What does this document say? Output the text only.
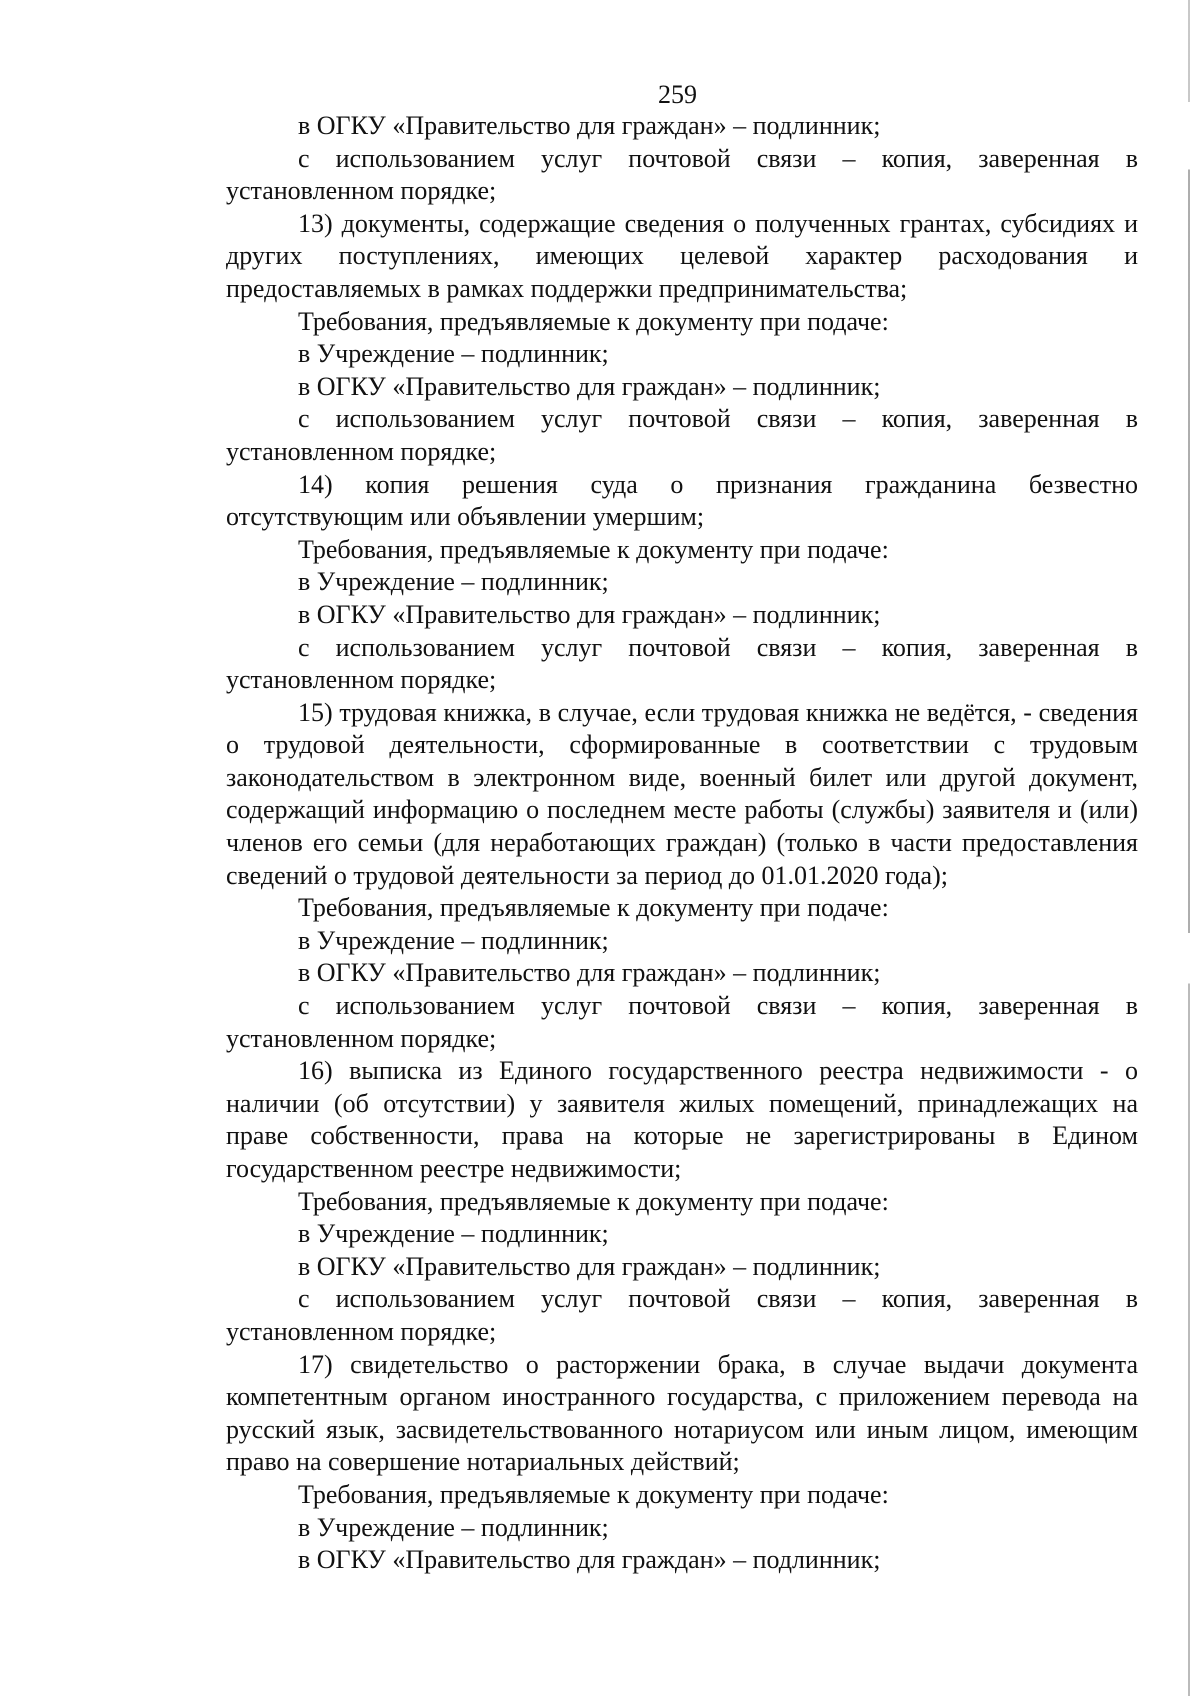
259

в ОГКУ «Правительство для граждан» – подлинник;

с использованием услуг почтовой связи – копия, заверенная в установленном порядке;

13) документы, содержащие сведения о полученных грантах, субсидиях и других поступлениях, имеющих целевой характер расходования и предоставляемых в рамках поддержки предпринимательства;

Требования, предъявляемые к документу при подаче:

в Учреждение – подлинник;

в ОГКУ «Правительство для граждан» – подлинник;

с использованием услуг почтовой связи – копия, заверенная в установленном порядке;

14) копия решения суда о признания гражданина безвестно отсутствующим или объявлении умершим;

Требования, предъявляемые к документу при подаче:

в Учреждение – подлинник;

в ОГКУ «Правительство для граждан» – подлинник;

с использованием услуг почтовой связи – копия, заверенная в установленном порядке;

15) трудовая книжка, в случае, если трудовая книжка не ведётся, - сведения о трудовой деятельности, сформированные в соответствии с трудовым законодательством в электронном виде, военный билет или другой документ, содержащий информацию о последнем месте работы (службы) заявителя и (или) членов его семьи (для неработающих граждан) (только в части предоставления сведений о трудовой деятельности за период до 01.01.2020 года);

Требования, предъявляемые к документу при подаче:

в Учреждение – подлинник;

в ОГКУ «Правительство для граждан» – подлинник;

с использованием услуг почтовой связи – копия, заверенная в установленном порядке;

16) выписка из Единого государственного реестра недвижимости - о наличии (об отсутствии) у заявителя жилых помещений, принадлежащих на праве собственности, права на которые не зарегистрированы в Едином государственном реестре недвижимости;

Требования, предъявляемые к документу при подаче:

в Учреждение – подлинник;

в ОГКУ «Правительство для граждан» – подлинник;

с использованием услуг почтовой связи – копия, заверенная в установленном порядке;

17) свидетельство о расторжении брака, в случае выдачи документа компетентным органом иностранного государства, с приложением перевода на русский язык, засвидетельствованного нотариусом или иным лицом, имеющим право на совершение нотариальных действий;

Требования, предъявляемые к документу при подаче:

в Учреждение – подлинник;

в ОГКУ «Правительство для граждан» – подлинник;
